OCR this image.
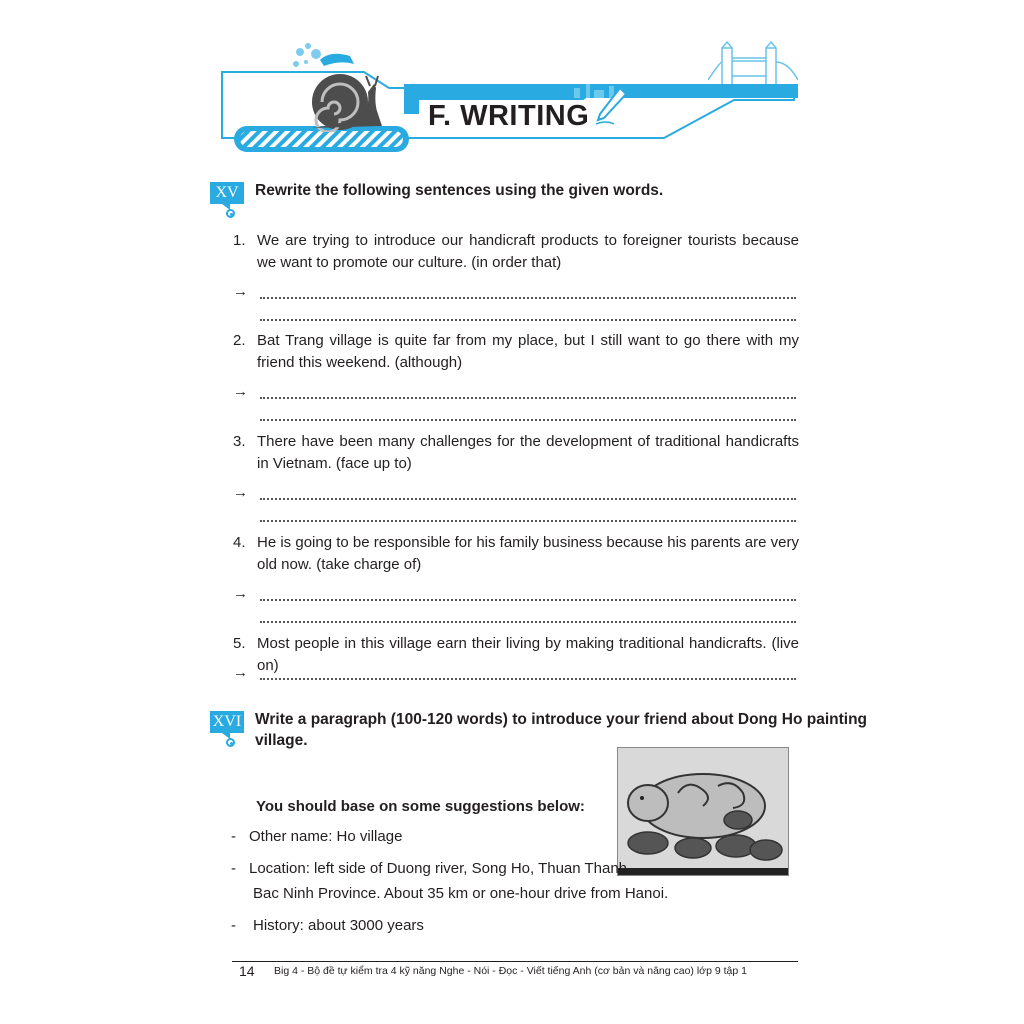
F. WRITING
XV	Rewrite the following sentences using the given words.
1. We are trying to introduce our handicraft products to foreigner tourists because we want to promote our culture. (in order that)
→
2. Bat Trang village is quite far from my place, but I still want to go there with my friend this weekend. (although)
→
3. There have been many challenges for the development of traditional handicrafts in Vietnam. (face up to)
→
4. He is going to be responsible for his family business because his parents are very old now. (take charge of)
→
5. Most people in this village earn their living by making traditional handicrafts. (live on)
→
XVI Write a paragraph (100-120 words) to introduce your friend about Dong Ho painting
village.
You should base on some suggestions below:
- Other name: Ho village
- Location: left side of Duong river, Song Ho, Thuan Thanh,
Bac Ninh Province. About 35 km or one-hour drive from Hanoi.
- History: about 3000 years
14 Big 4 - Bộ đề tự kiểm tra 4 kỹ năng Nghe - Nói - Đọc - Viết tiếng Anh (cơ bản và nâng cao) lớp 9 tập 1
